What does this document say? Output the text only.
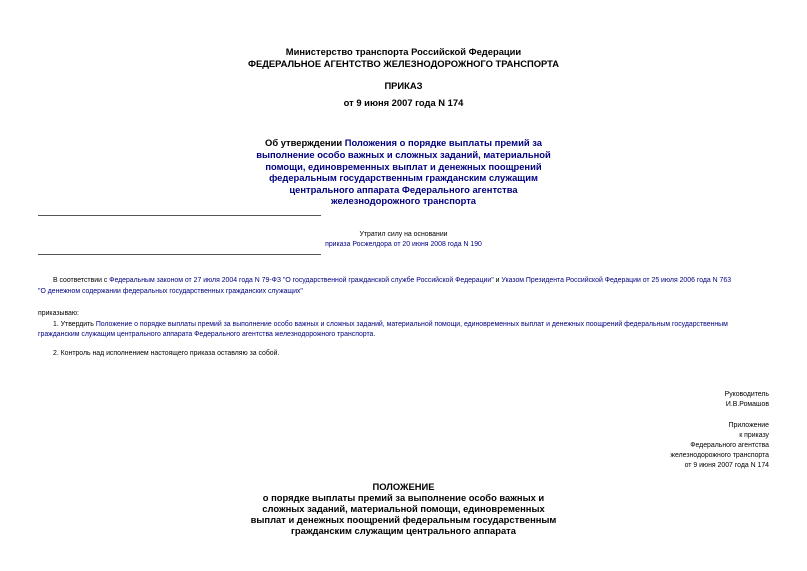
Министерство транспорта Российской Федерации
ФЕДЕРАЛЬНОЕ АГЕНТСТВО ЖЕЛЕЗНОДОРОЖНОГО ТРАНСПОРТА
ПРИКАЗ
от 9 июня 2007 года N 174
Об утверждении Положения о порядке выплаты премий за
выполнение особо важных и сложных заданий, материальной
помощи, единовременных выплат и денежных поощрений
федеральным государственным гражданским служащим
центрального аппарата Федерального агентства
железнодорожного транспорта
Утратил силу на основании
приказа Росжелдора от 20 июня 2008 года N 190
В соответствии с Федеральным законом от 27 июля 2004 года N 79-ФЗ "О государственной гражданской службе Российской Федерации" и Указом Президента Российской Федерации от 25 июля 2006 года N 763
"О денежном содержании федеральных государственных гражданских служащих"
приказываю:
1. Утвердить Положение о порядке выплаты премий за выполнение особо важных и сложных заданий, материальной помощи, единовременных выплат и денежных поощрений федеральным государственным
гражданским служащим центрального аппарата Федерального агентства железнодорожного транспорта.
2. Контроль над исполнением настоящего приказа оставляю за собой.
Руководитель
И.В.Ромашов
Приложение
к приказу
Федерального агентства
железнодорожного транспорта
от 9 июня 2007 года N 174
ПОЛОЖЕНИЕ
о порядке выплаты премий за выполнение особо важных и
сложных заданий, материальной помощи, единовременных
выплат и денежных поощрений федеральным государственным
гражданским служащим центрального аппарата
